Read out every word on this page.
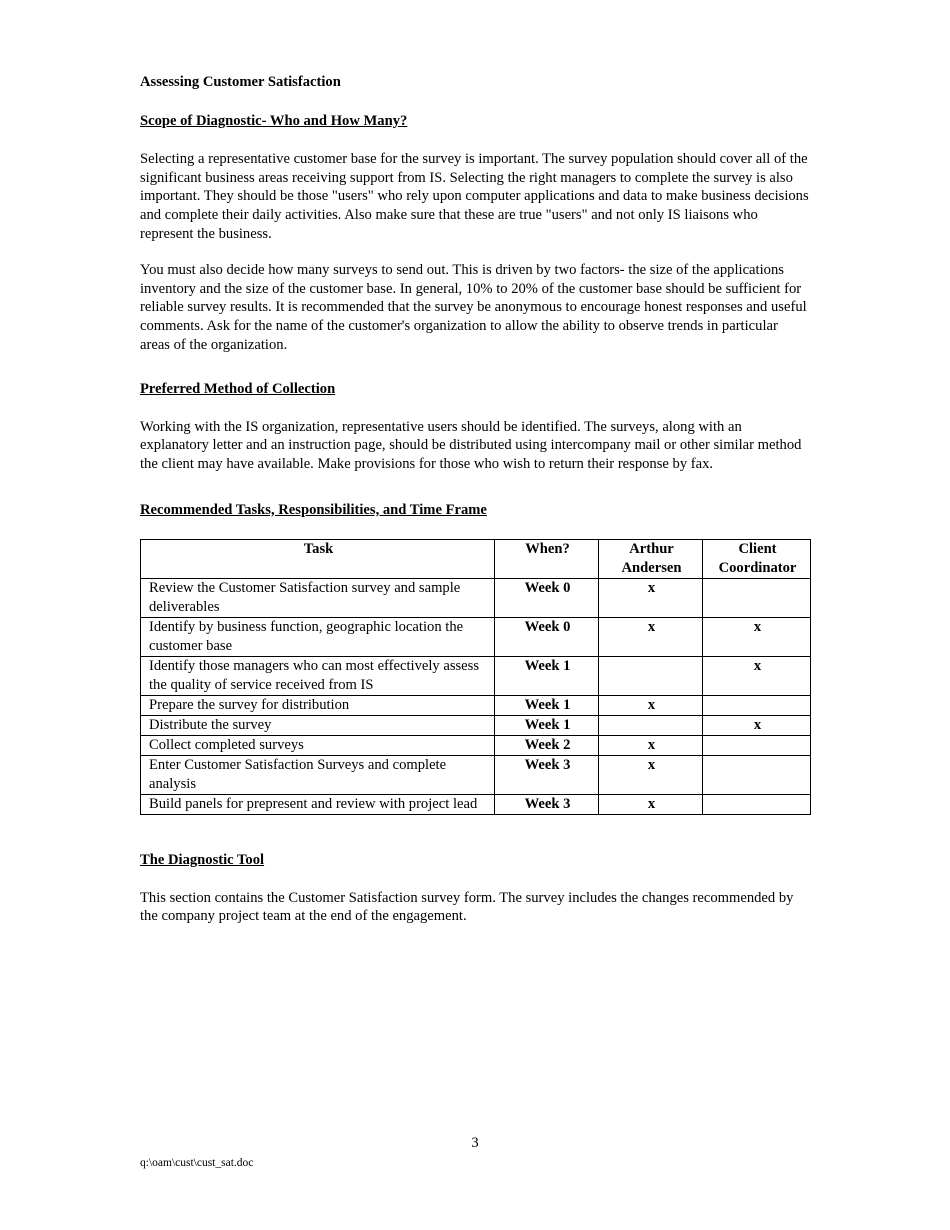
Assessing Customer Satisfaction

Scope of Diagnostic- Who and How Many?

Selecting a representative customer base for the survey is important. The survey population should cover all of the significant business areas receiving support from IS. Selecting the right managers to complete the survey is also important. They should be those "users" who rely upon computer applications and data to make business decisions and complete their daily activities. Also make sure that these are true "users" and not only IS liaisons who represent the business.

You must also decide how many surveys to send out. This is driven by two factors- the size of the applications inventory and the size of the customer base. In general, 10% to 20% of the customer base should be sufficient for reliable survey results. It is recommended that the survey be anonymous to encourage honest responses and useful comments. Ask for the name of the customer's organization to allow the ability to observe trends in particular areas of the organization.

Preferred Method of Collection

Working with the IS organization, representative users should be identified. The surveys, along with an explanatory letter and an instruction page, should be distributed using intercompany mail or other similar method the client may have available. Make provisions for those who wish to return their response by fax.

Recommended Tasks, Responsibilities, and Time Frame

Task	When?	Arthur Andersen	Client Coordinator
Review the Customer Satisfaction survey and sample deliverables	Week 0	x	
Identify by business function, geographic location the customer base	Week 0	x	x
Identify those managers who can most effectively assess the quality of service received from IS	Week 1		x
Prepare the survey for distribution	Week 1	x	
Distribute the survey	Week 1		x
Collect completed surveys	Week 2	x	
Enter Customer Satisfaction Surveys and complete analysis	Week 3	x	
Build panels for prepresent and review with project lead	Week 3	x	

The Diagnostic Tool

This section contains the Customer Satisfaction survey form. The survey includes the changes recommended by the company project team at the end of the engagement.

3
q:\oam\cust\cust_sat.doc
